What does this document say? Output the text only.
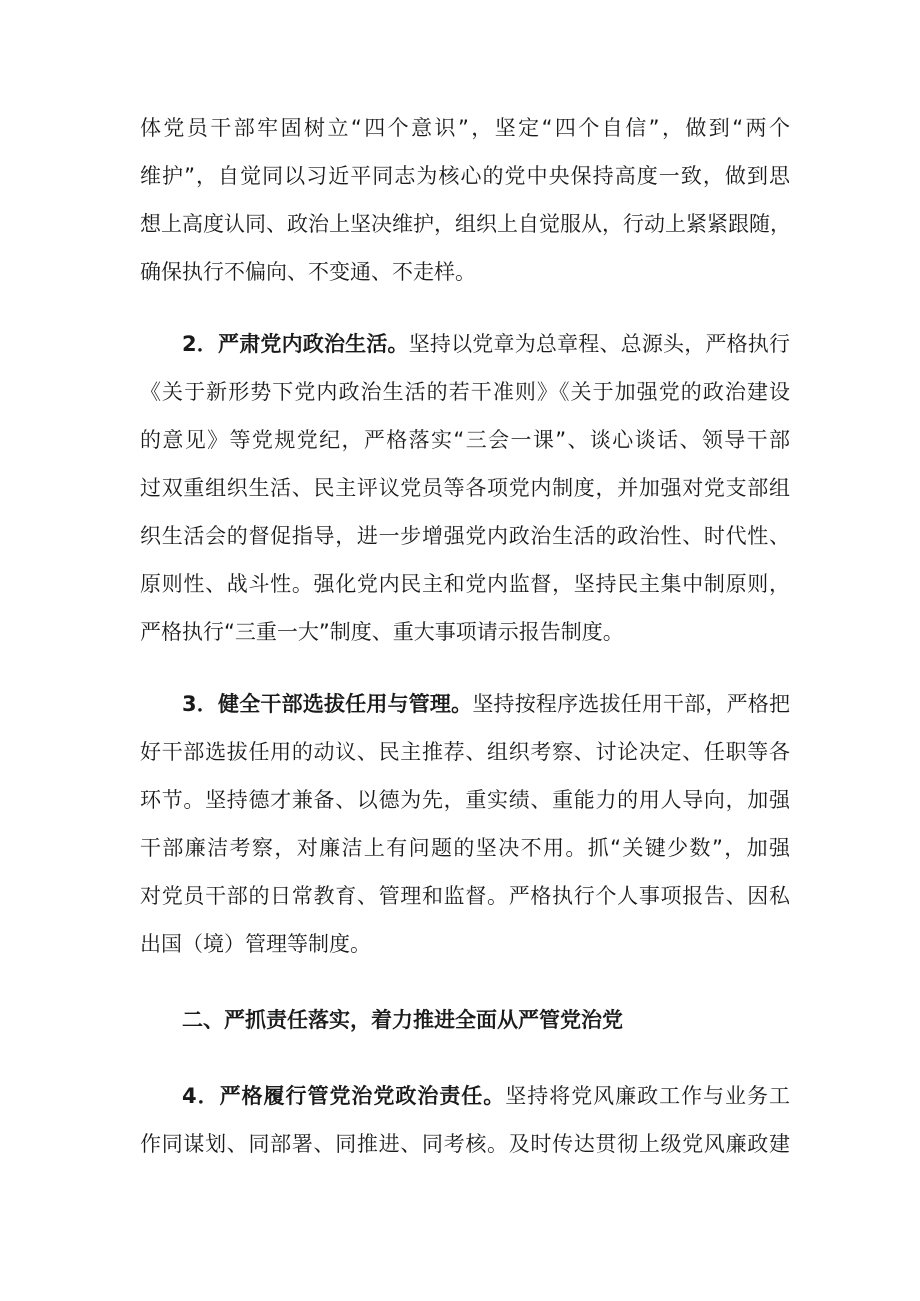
体党员干部牢固树立“四个意识”，坚定“四个自信”，做到“两个
维护”，自觉同以习近平同志为核心的党中央保持高度一致，做到思
想上高度认同、政治上坚决维护，组织上自觉服从，行动上紧紧跟随，
确保执行不偏向、不变通、不走样。
2．严肃党内政治生活。坚持以党章为总章程、总源头，严格执行
《关于新形势下党内政治生活的若干准则》《关于加强党的政治建设
的意见》等党规党纪，严格落实“三会一课”、谈心谈话、领导干部
过双重组织生活、民主评议党员等各项党内制度，并加强对党支部组
织生活会的督促指导，进一步增强党内政治生活的政治性、时代性、
原则性、战斗性。强化党内民主和党内监督，坚持民主集中制原则，
严格执行“三重一大”制度、重大事项请示报告制度。
3．健全干部选拔任用与管理。坚持按程序选拔任用干部，严格把
好干部选拔任用的动议、民主推荐、组织考察、讨论决定、任职等各
环节。坚持德才兼备、以德为先，重实绩、重能力的用人导向，加强
干部廉洁考察，对廉洁上有问题的坚决不用。抓“关键少数”，加强
对党员干部的日常教育、管理和监督。严格执行个人事项报告、因私
出国（境）管理等制度。
二、严抓责任落实，着力推进全面从严管党治党
4．严格履行管党治党政治责任。坚持将党风廉政工作与业务工
作同谋划、同部署、同推进、同考核。及时传达贯彻上级党风廉政建
